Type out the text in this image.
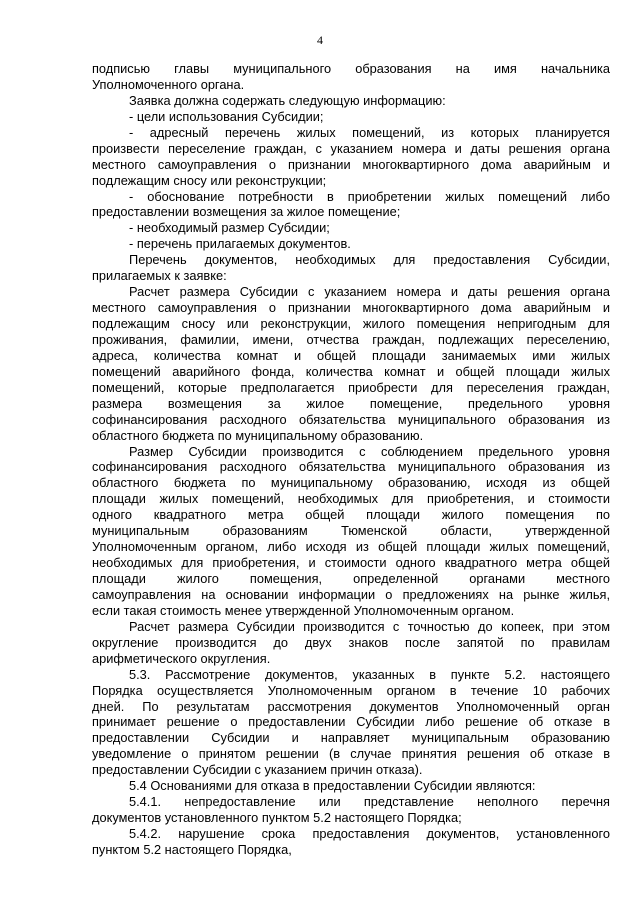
4
подписью главы муниципального образования на имя начальника
Уполномоченного органа.
Заявка должна содержать следующую информацию:
- цели использования Субсидии;
- адресный перечень жилых помещений, из которых планируется
произвести переселение граждан, с указанием номера и даты решения органа
местного самоуправления о признании многоквартирного дома аварийным и
подлежащим сносу или реконструкции;
- обоснование потребности в приобретении жилых помещений либо
предоставлении возмещения за жилое помещение;
- необходимый размер Субсидии;
- перечень прилагаемых документов.
Перечень документов, необходимых для предоставления Субсидии,
прилагаемых к заявке:
Расчет размера Субсидии с указанием номера и даты решения органа
местного самоуправления о признании многоквартирного дома аварийным и
подлежащим сносу или реконструкции, жилого помещения непригодным для
проживания, фамилии, имени, отчества граждан, подлежащих переселению,
адреса, количества комнат и общей площади занимаемых ими жилых
помещений аварийного фонда, количества комнат и общей площади жилых
помещений, которые предполагается приобрести для переселения граждан,
размера возмещения за жилое помещение, предельного уровня
софинансирования расходного обязательства муниципального образования из
областного бюджета по муниципальному образованию.
Размер Субсидии производится с соблюдением предельного уровня
софинансирования расходного обязательства муниципального образования из
областного бюджета по муниципальному образованию, исходя из общей
площади жилых помещений, необходимых для приобретения, и стоимости
одного квадратного метра общей площади жилого помещения по
муниципальным образованиям Тюменской области, утвержденной
Уполномоченным органом, либо исходя из общей площади жилых помещений,
необходимых для приобретения, и стоимости одного квадратного метра общей
площади жилого помещения, определенной органами местного
самоуправления на основании информации о предложениях на рынке жилья,
если такая стоимость менее утвержденной Уполномоченным органом.
Расчет размера Субсидии производится с точностью до копеек, при этом
округление производится до двух знаков после запятой по правилам
арифметического округления.
5.3. Рассмотрение документов, указанных в пункте 5.2. настоящего
Порядка осуществляется Уполномоченным органом в течение 10 рабочих
дней. По результатам рассмотрения документов Уполномоченный орган
принимает решение о предоставлении Субсидии либо решение об отказе в
предоставлении Субсидии и направляет муниципальным образованию
уведомление о принятом решении (в случае принятия решения об отказе в
предоставлении Субсидии с указанием причин отказа).
5.4 Основаниями для отказа в предоставлении Субсидии являются:
5.4.1. непредоставление или представление неполного перечня
документов установленного пунктом 5.2 настоящего Порядка;
5.4.2. нарушение срока предоставления документов, установленного
пунктом 5.2 настоящего Порядка,
